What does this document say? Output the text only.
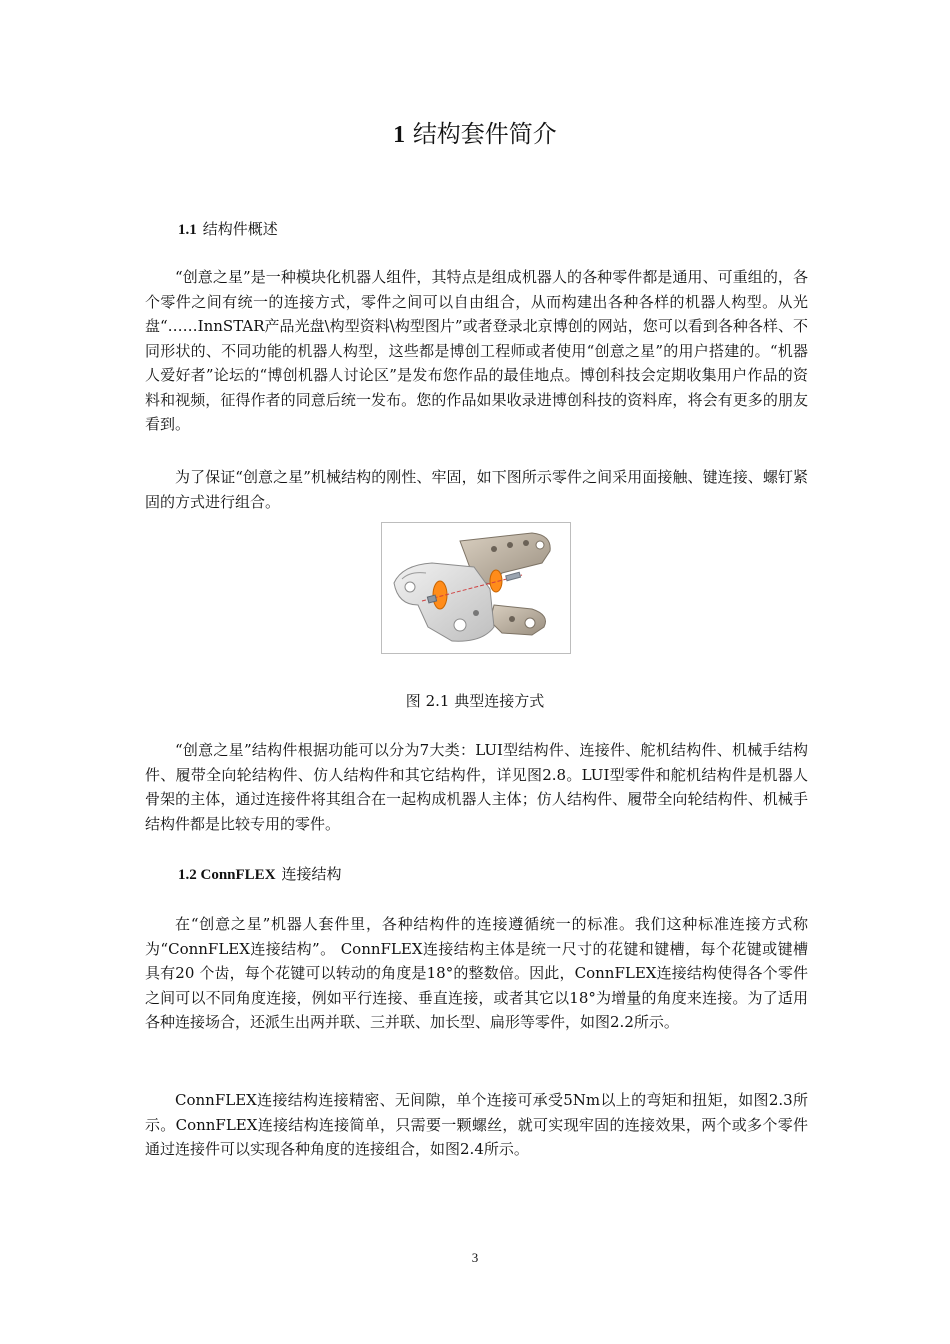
1 结构套件简介
1.1 结构件概述

“创意之星”是一种模块化机器人组件，其特点是组成机器人的各种零件都是通用、可重组的，各个零件之间有统一的连接方式，零件之间可以自由组合，从而构建出各种各样的机器人构型。从光盘“……InnSTAR产品光盘\构型资料\构型图片”或者登录北京博创的网站，您可以看到各种各样、不同形状的、不同功能的机器人构型，这些都是博创工程师或者使用“创意之星”的用户搭建的。“机器人爱好者”论坛的“博创机器人讨论区”是发布您作品的最佳地点。博创科技会定期收集用户作品的资料和视频，征得作者的同意后统一发布。您的作品如果收录进博创科技的资料库，将会有更多的朋友看到。

为了保证“创意之星”机械结构的刚性、牢固，如下图所示零件之间采用面接触、键连接、螺钉紧固的方式进行组合。

图 2.1 典型连接方式

“创意之星”结构件根据功能可以分为7大类：LUI型结构件、连接件、舵机结构件、机械手结构件、履带全向轮结构件、仿人结构件和其它结构件，详见图2.8。LUI型零件和舵机结构件是机器人骨架的主体，通过连接件将其组合在一起构成机器人主体；仿人结构件、履带全向轮结构件、机械手结构件都是比较专用的零件。

1.2 ConnFLEX 连接结构

在“创意之星”机器人套件里，各种结构件的连接遵循统一的标准。我们这种标准连接方式称为“ConnFLEX连接结构”。 ConnFLEX连接结构主体是统一尺寸的花键和键槽，每个花键或键槽具有20 个齿，每个花键可以转动的角度是18°的整数倍。因此，ConnFLEX连接结构使得各个零件之间可以不同角度连接，例如平行连接、垂直连接，或者其它以18°为增量的角度来连接。为了适用各种连接场合，还派生出两并联、三并联、加长型、扁形等零件，如图2.2所示。

ConnFLEX连接结构连接精密、无间隙，单个连接可承受5Nm以上的弯矩和扭矩，如图2.3所示。ConnFLEX连接结构连接简单，只需要一颗螺丝，就可实现牢固的连接效果，两个或多个零件通过连接件可以实现各种角度的连接组合，如图2.4所示。

3
